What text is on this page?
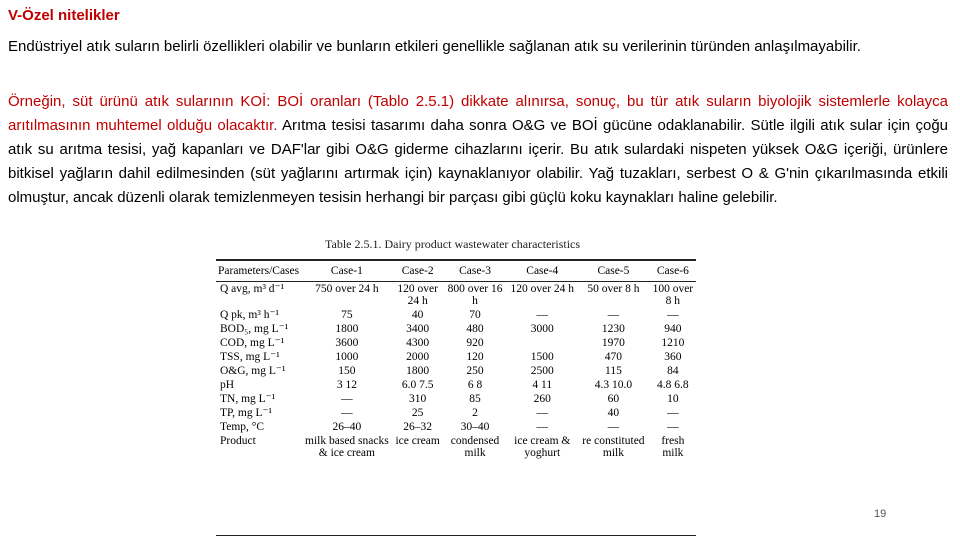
V-Özel nitelikler
Endüstriyel atık suların belirli özellikleri olabilir ve bunların etkileri genellikle sağlanan atık su verilerinin türünden anlaşılmayabilir.
Örneğin, süt ürünü atık sularının KOİ: BOİ oranları (Tablo 2.5.1) dikkate alınırsa, sonuç, bu tür atık suların biyolojik sistemlerle kolayca arıtılmasının muhtemel olduğu olacaktır. Arıtma tesisi tasarımı daha sonra O&G ve BOİ gücüne odaklanabilir. Sütle ilgili atık sular için çoğu atık su arıtma tesisi, yağ kapanları ve DAF'lar gibi O&G giderme cihazlarını içerir. Bu atık sulardaki nispeten yüksek O&G içeriği, ürünlere bitkisel yağların dahil edilmesinden (süt yağlarını artırmak için) kaynaklanıyor olabilir. Yağ tuzakları, serbest O & G'nin çıkarılmasında etkili olmuştur, ancak düzenli olarak temizlenmeyen tesisin herhangi bir parçası gibi güçlü koku kaynakları haline gelebilir.
Table 2.5.1. Dairy product wastewater characteristics
Parameters/Cases	Case-1	Case-2	Case-3	Case-4	Case-5	Case-6
Q avg, m³ d⁻¹	750 over 24 h	120 over 24 h	800 over 16 h	120 over 24 h	50 over 8 h	100 over 8 h
Q pk, m³ h⁻¹	75	40	70	—	—	—
BOD₅, mg L⁻¹	1800	3400	480	3000	1230	940
COD, mg L⁻¹	3600	4300	920		1970	1210
TSS, mg L⁻¹	1000	2000	120	1500	470	360
O&G, mg L⁻¹	150	1800	250	2500	115	84
pH	3 12	6.0 7.5	6 8	4 11	4.3 10.0	4.8 6.8
TN, mg L⁻¹	—	310	85	260	60	10
TP, mg L⁻¹	—	25	2	—	40	—
Temp, °C	26–40	26–32	30–40	—	—	—
Product	milk based snacks & ice cream	ice cream	condensed milk	ice cream & yoghurt	re constituted milk	fresh milk
19
